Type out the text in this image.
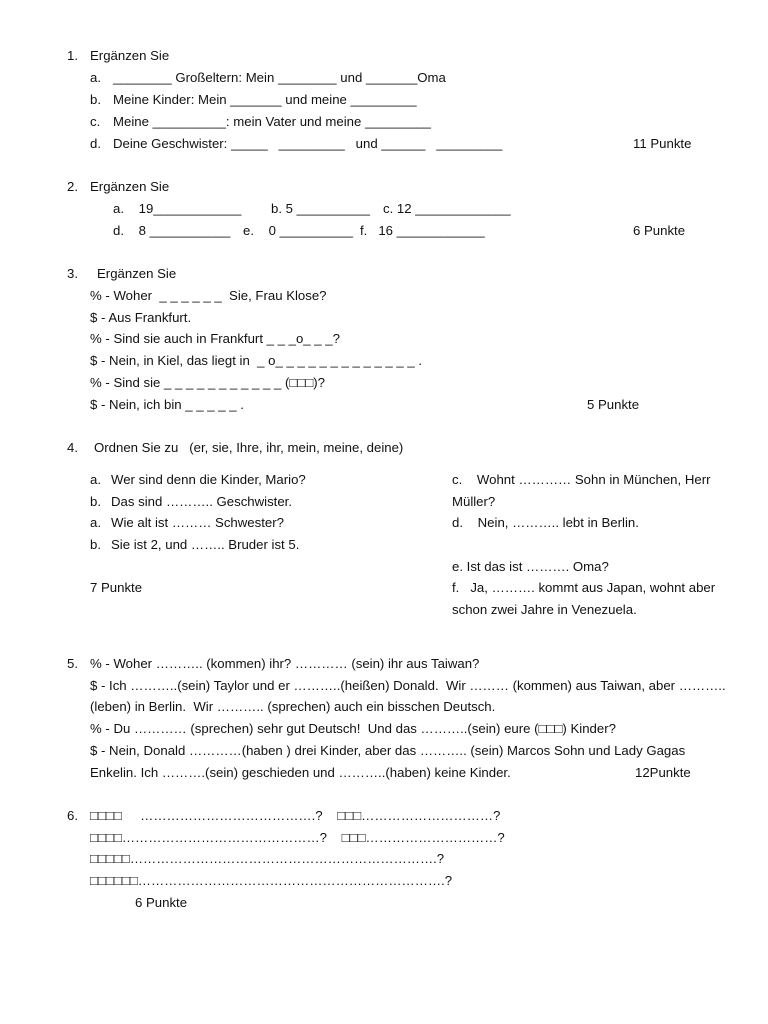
1. Ergänzen Sie
a. ________ Großeltern: Mein ________ und _______Oma
b. Meine Kinder: Mein _______ und meine _________
c. Meine __________: mein Vater und meine _________
d. Deine Geschwister: _____   _________   und ______   _________	11 Punkte
2. Ergänzen Sie
a.    19____________ b. 5 __________ c. 12 _____________
d.    8 ___________ e.    0 __________ f.   16 ____________	6 Punkte
3. Ergänzen Sie
% - Woher  _ _ _ _ _ _  Sie, Frau Klose?
$ - Aus Frankfurt.
% - Sind sie auch in Frankfurt _ _ _o_ _ _?
$ - Nein, in Kiel, das liegt in  _ o_ _ _ _ _ _ _ _ _ _ _ _ _ .
% - Sind sie _ _ _ _ _ _ _ _ _ _ _ (□□□)?
$ - Nein, ich bin _ _ _ _ _ .	5 Punkte
4. Ordnen Sie zu   (er, sie, Ihre, ihr, mein, meine, deine)
a. Wer sind denn die Kinder, Mario?
b. Das sind ……….. Geschwister.
a. Wie alt ist ……… Schwester?
b. Sie ist 2, und …….. Bruder ist 5.
7 Punkte
c.    Wohnt ………… Sohn in München, Herr
Müller?
d.    Nein, ……….. lebt in Berlin.
e. Ist das ist ………. Oma?
f.   Ja, ………. kommt aus Japan, wohnt aber
schon zwei Jahre in Venezuela.
5. % - Woher ……….. (kommen) ihr? ………… (sein) ihr aus Taiwan?
$ - Ich ………..(sein) Taylor und er ………..(heißen) Donald.  Wir ……… (kommen) aus Taiwan, aber ………..
(leben) in Berlin.  Wir ……….. (sprechen) auch ein bisschen Deutsch.
% - Du ………… (sprechen) sehr gut Deutsch!  Und das ………..(sein) eure (□□□) Kinder?
$ - Nein, Donald …………(haben ) drei Kinder, aber das ……….. (sein) Marcos Sohn und Lady Gagas
Enkelin. Ich ……….(sein) geschieden und ………..(haben) keine Kinder.	12Punkte
6. □□□□     ………………………………….?    □□□…………………………?
□□□□………………………………………?    □□□…………………………?
□□□□□…………………………………………………………….?
□□□□□□…………………………………………………………….?
6 Punkte
